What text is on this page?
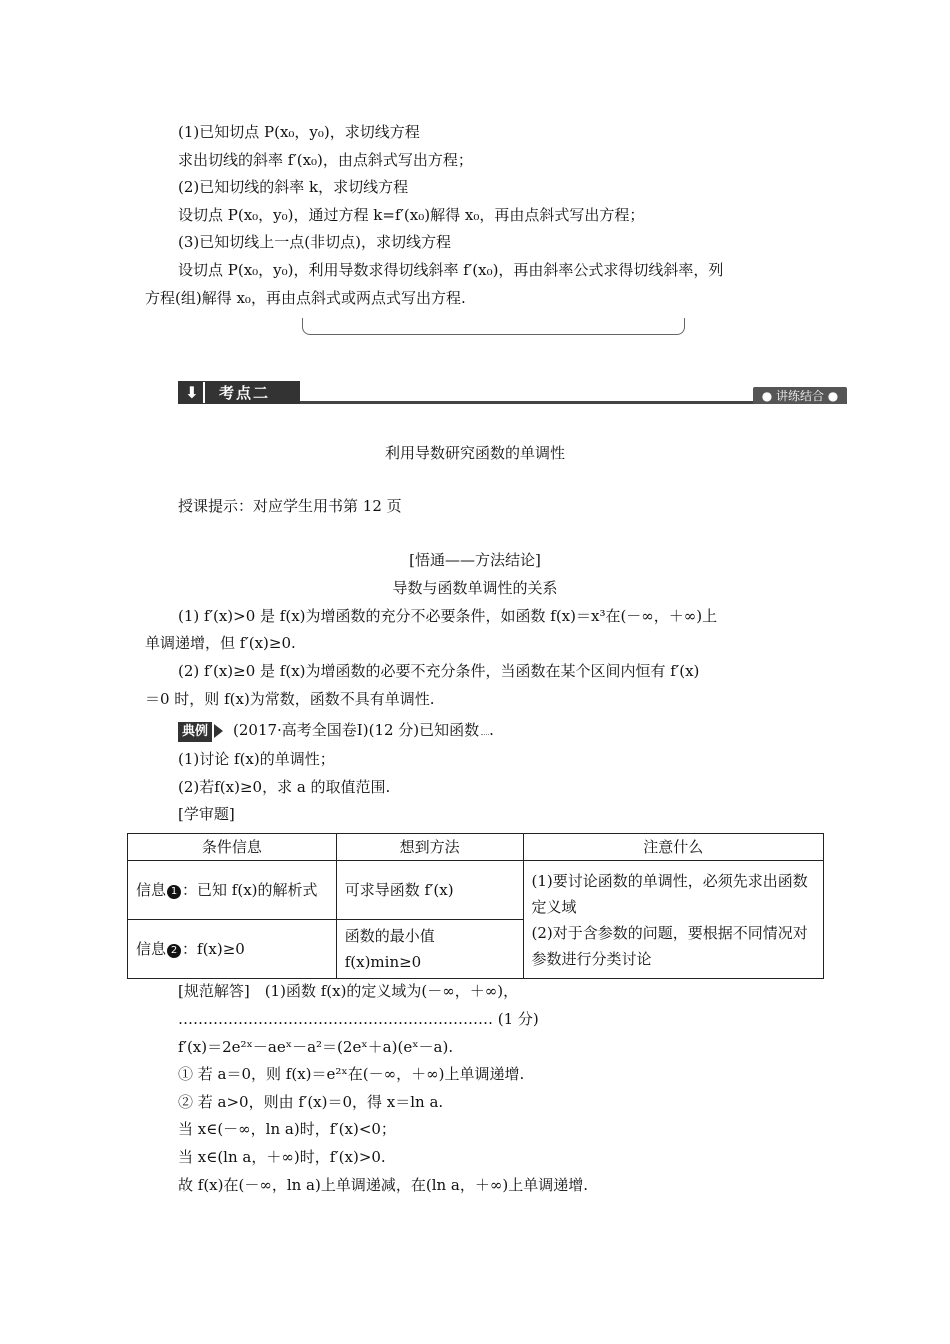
(1)已知切点 P(x₀，y₀)，求切线方程
求出切线的斜率 f′(x₀)，由点斜式写出方程；
(2)已知切线的斜率 k，求切线方程
设切点 P(x₀，y₀)，通过方程 k=f′(x₀)解得 x₀，再由点斜式写出方程；
(3)已知切线上一点(非切点)，求切线方程
设切点 P(x₀，y₀)，利用导数求得切线斜率 f′(x₀)，再由斜率公式求得切线斜率，列
方程(组)解得 x₀，再由点斜式或两点式写出方程.
⬇	考点二	● 讲练结合 ●
利用导数研究函数的单调性
授课提示：对应学生用书第 12 页
[悟通——方法结论]
导数与函数单调性的关系
(1) f′(x)>0 是 f(x)为增函数的充分不必要条件，如函数 f(x)＝x³在(－∞，＋∞)上
单调递增，但 f′(x)≥0.
(2) f′(x)≥0 是 f(x)为增函数的必要不充分条件，当函数在某个区间内恒有 f′(x)
＝0 时，则 f(x)为常数，函数不具有单调性.
典例 (2017·高考全国卷Ⅰ)(12 分)已知函数 .
(1)讨论 f(x)的单调性；
(2)若f(x)≥0，求 a 的取值范围.
[学审题]
条件信息	想到方法	注意什么
信息 1 ：已知 f(x)的解析式	可求导函数 f′(x)	(1)要讨论函数的单调性，必须先求出函数定义域
(2)对于含参数的问题，要根据不同情况对参数进行分类讨论

信息 2 ：f(x)≥0	函数的最小值
f(x)min≥0	
[规范解答]　(1)函数 f(x)的定义域为(－∞，＋∞)，
……………………………………………………… (1 分)
f′(x)＝2e²ˣ－aeˣ－a²＝(2eˣ＋a)(eˣ－a).
① 若 a＝0，则 f(x)＝e²ˣ在(－∞，＋∞)上单调递增.
② 若 a>0，则由 f′(x)＝0，得 x＝ln a.
当 x∈(－∞，ln a)时，f′(x)<0；
当 x∈(ln a，＋∞)时，f′(x)>0.
故 f(x)在(－∞，ln a)上单调递减，在(ln a，＋∞)上单调递增.
